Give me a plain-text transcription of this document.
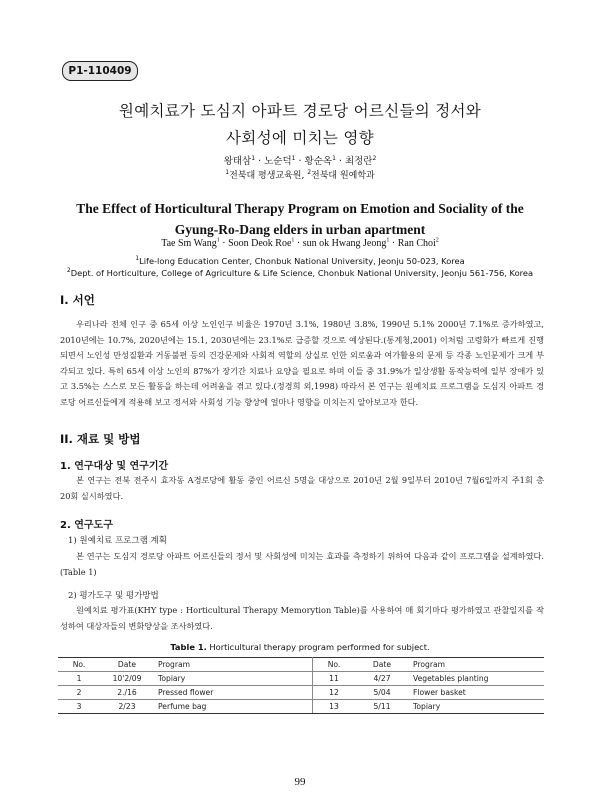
P1-110409
원예치료가 도심지 아파트 경로당 어르신들의 정서와
사회성에 미치는 영향
왕태삼$^1$ · 노순덕$^1$ · 황순옥$^1$ · 최정란$^2$
$^1$전북대 평생교육원, $^2$전북대 원예학과
The Effect of Horticultural Therapy Program on Emotion and Sociality of the
Gyung-Ro-Dang elders in urban apartment
Tae Sm Wang$^1$ · Soon Deok Roe$^1$ · sun ok Hwang Jeong$^1$ · Ran Choi$^2$
$^1$Life-long Education Center, Chonbuk National University, Jeonju 50-023, Korea
$^2$Dept. of Horticulture, College of Agriculture & Life Science, Chonbuk National University, Jeonju 561-756, Korea
I. 서언
우리나라 전체 인구 중 65세 이상 노인인구 비율은 1970년 3.1%, 1980년 3.8%, 1990년 5.1% 2000년 7.1%로 증가하였고, 2010년에는 10.7%, 2020년에는 15.1, 2030년에는 23.1%로 급증할 것으로 예상된다.(통계청,2001) 이처럼 고령화가 빠르게 진행되면서 노인성 만성질환과 거동불편 등의 건강문제와 사회적 역할의 상실로 인한 외로움과 여가활용의 문제 등 각종 노인문제가 크게 부각되고 있다. 특히 65세 이상 노인의 87%가 장기간 치료나 요양을 필요로 하며 이들 중 31.9%가 일상생활 동작능력에 일부 장애가 있고 3.5%는 스스로 모든 활동을 하는데 어려움을 겪고 있다.(정경희 외,1998) 따라서 본 연구는 원예치료 프로그램을 도심지 아파트 경로당 어르신들에게 적용해 보고 정서와 사회성 기능 향상에 얼마나 영향을 미치는지 알아보고자 한다.
II. 재료 및 방법
1. 연구대상 및 연구기간
본 연구는 전북 전주시 효자동 A경로당에 활동 중인 어르신 5명을 대상으로 2010년 2월 9일부터 2010년 7월6일까지 주1회 총 20회 실시하였다.
2. 연구도구
1) 원예치료 프로그램 계획
본 연구는 도심지 경로당 아파트 어르신들의 정서 및 사회성에 미치는 효과를 측정하기 위하여 다음과 같이 프로그램을 설계하였다.(Table 1)
2) 평가도구 및 평가방법
원예치료 평가표(KHY type : Horticultural Therapy Memorytion Table)를 사용하여 매 회기마다 평가하였고 관찰일지를 작성하여 대상자들의 변화양상을 조사하였다.
Table 1. Horticultural therapy program performed for subject.
No.	Date	Program	No.	Date	Program
1	10'2/09	Topiary	11	4/27	Vegetables planting
2	2./16	Pressed flower	12	5/04	Flower basket
3	2/23	Perfume bag	13	5/11	Topiary
99
